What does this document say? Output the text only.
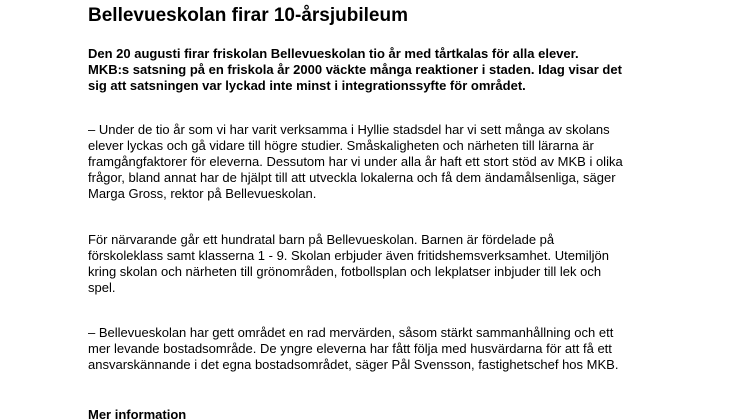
Bellevueskolan firar 10-årsjubileum
Den 20 augusti firar friskolan Bellevueskolan tio år med tårtkalas för alla elever.
MKB:s satsning på en friskola år 2000 väckte många reaktioner i staden. Idag visar det
sig att satsningen var lyckad inte minst i integrationssyfte för området.
– Under de tio år som vi har varit verksamma i Hyllie stadsdel har vi sett många av skolans
elever lyckas och gå vidare till högre studier. Småskaligheten och närheten till lärarna är
framgångfaktorer för eleverna. Dessutom har vi under alla år haft ett stort stöd av MKB i olika
frågor, bland annat har de hjälpt till att utveckla lokalerna och få dem ändamålsenliga, säger
Marga Gross, rektor på Bellevueskolan.
För närvarande går ett hundratal barn på Bellevueskolan. Barnen är fördelade på
förskoleklass samt klasserna 1 - 9. Skolan erbjuder även fritidshemsverksamhet. Utemiljön
kring skolan och närheten till grönområden, fotbollsplan och lekplatser inbjuder till lek och
spel.
– Bellevueskolan har gett området en rad mervärden, såsom stärkt sammanhållning och ett
mer levande bostadsområde. De yngre eleverna har fått följa med husvärdarna för att få ett
ansvarskännande i det egna bostadsområdet, säger Pål Svensson, fastighetschef hos MKB.
Mer information
